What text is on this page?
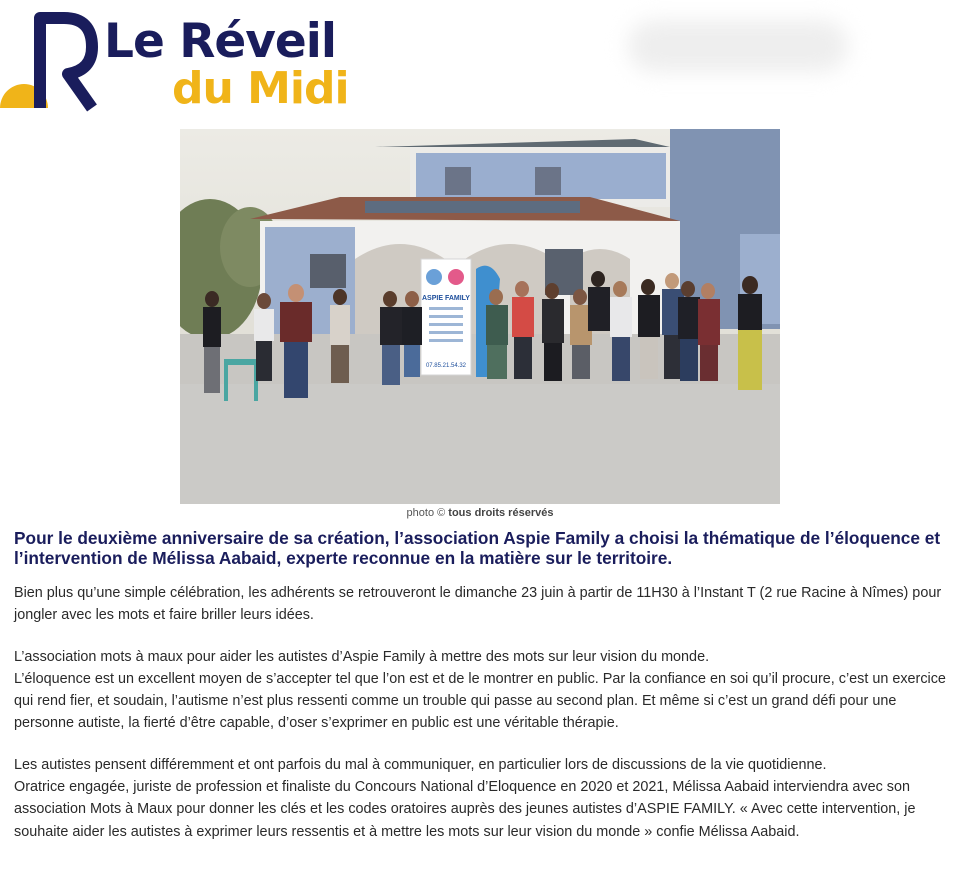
Le Réveil
du Midi
ASPIE FAMILY
07.85.21.54.32
photo © tous droits réservés
Pour le deuxième anniversaire de sa création, l’association Aspie Family a choisi la thématique de l’éloquence et l’intervention de Mélissa Aabaid, experte reconnue en la matière sur le territoire.

Bien plus qu’une simple célébration, les adhérents se retrouveront le dimanche 23 juin à partir de 11H30 à l’Instant T (2 rue Racine à Nîmes) pour jongler avec les mots et faire briller leurs idées.

L’association mots à maux pour aider les autistes d’Aspie Family à mettre des mots sur leur vision du monde.
L’éloquence est un excellent moyen de s’accepter tel que l’on est et de le montrer en public. Par la confiance en soi qu’il procure, c’est un exercice qui rend fier, et soudain, l’autisme n’est plus ressenti comme un trouble qui passe au second plan. Et même si c’est un grand défi pour une personne autiste, la fierté d’être capable, d’oser s’exprimer en public est une véritable thérapie.

Les autistes pensent différemment et ont parfois du mal à communiquer, en particulier lors de discussions de la vie quotidienne.
Oratrice engagée, juriste de profession et finaliste du Concours National d’Eloquence en 2020 et 2021, Mélissa Aabaid interviendra avec son association Mots à Maux pour donner les clés et les codes oratoires auprès des jeunes autistes d’ASPIE FAMILY. « Avec cette intervention, je souhaite aider les autistes à exprimer leurs ressentis et à mettre les mots sur leur vision du monde » confie Mélissa Aabaid.
